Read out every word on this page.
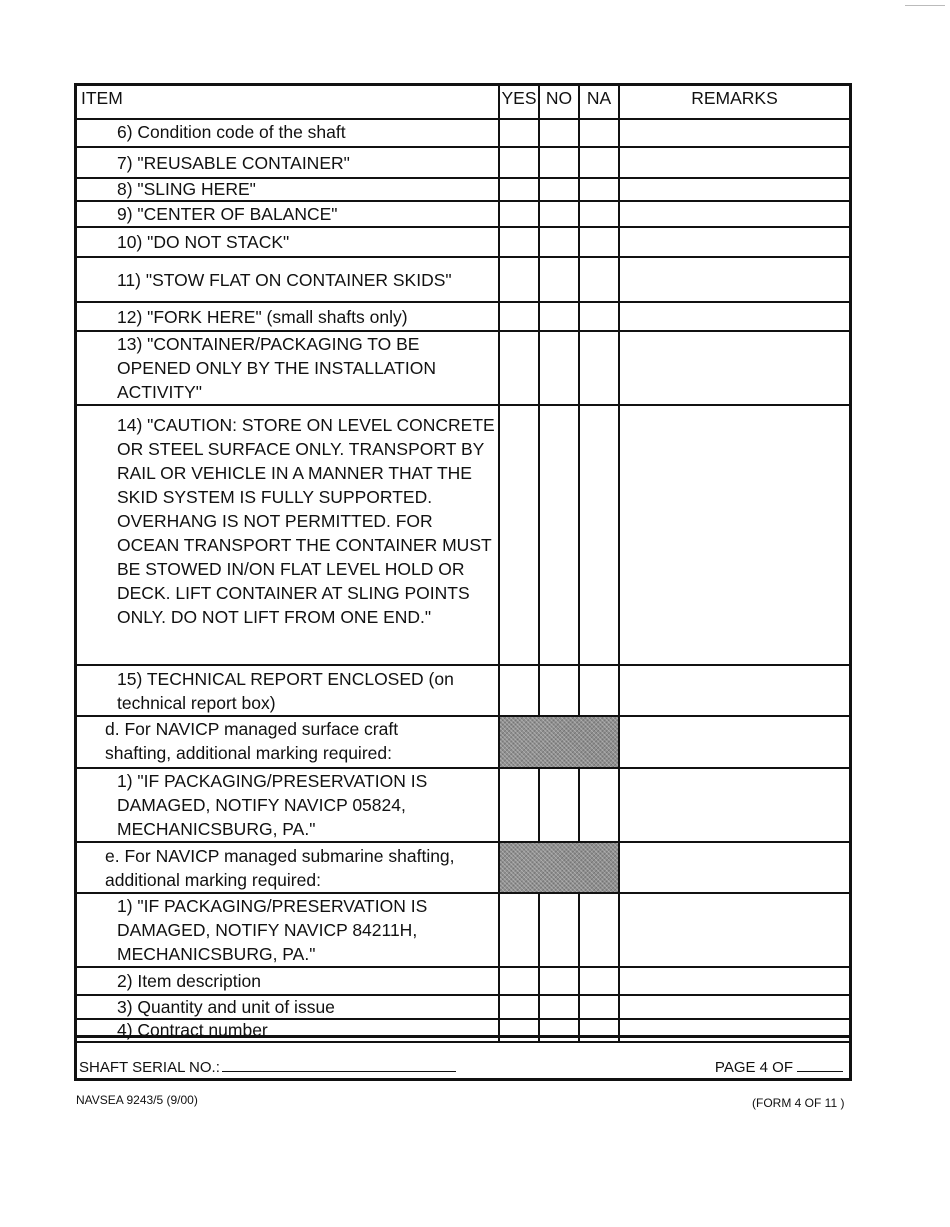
ITEM	YES	NO	NA	REMARKS

6) Condition code of the shaft				

7) "REUSABLE CONTAINER"				

8) "SLING HERE"				

9) "CENTER OF BALANCE"				

10) "DO NOT STACK"				

11) "STOW FLAT ON CONTAINER SKIDS"				

12) "FORK HERE" (small shafts only)				

13) "CONTAINER/PACKAGING TO BE OPENED ONLY BY THE INSTALLATION ACTIVITY"				

14) "CAUTION: STORE ON LEVEL CONCRETE OR STEEL SURFACE ONLY. TRANSPORT BY RAIL OR VEHICLE IN A MANNER THAT THE SKID SYSTEM IS FULLY SUPPORTED. OVERHANG IS NOT PERMITTED. FOR OCEAN TRANSPORT THE CONTAINER MUST BE STOWED IN/ON FLAT LEVEL HOLD OR DECK. LIFT CONTAINER AT SLING POINTS ONLY. DO NOT LIFT FROM ONE END."				

15) TECHNICAL REPORT ENCLOSED (on technical report box)				

d. For NAVICP managed surface craft shafting, additional marking required:				

1) "IF PACKAGING/PRESERVATION IS DAMAGED, NOTIFY NAVICP 05824, MECHANICSBURG, PA."				

e. For NAVICP managed submarine shafting, additional marking required:				

1) "IF PACKAGING/PRESERVATION IS DAMAGED, NOTIFY NAVICP 84211H, MECHANICSBURG, PA."				

2) Item description				

3) Quantity and unit of issue				

4) Contract number				

SHAFT SERIAL NO.:	PAGE 4 OF
NAVSEA 9243/5 (9/00)	(FORM 4 OF 11 )
